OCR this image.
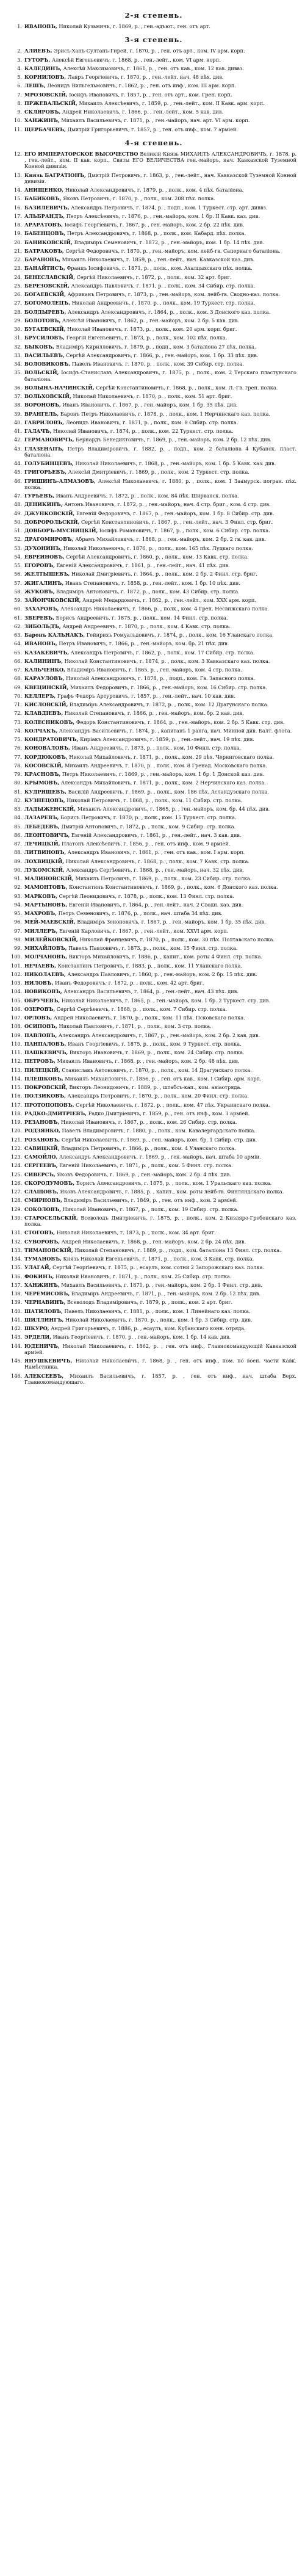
2-я степень.
1. ИВАНОВЪ, Николай Кузьмичъ, г. 1869, р. , ген.-адъют., ген. отъ арт.
3-я степень.
2. АЛИЕВЪ, Эрисъ-Ханъ-Султанъ-Гирей, г. 1870, р. , ген. отъ арт., ком. IV арм. корп.
3. ГУТОРЪ, Алексѣй Евгеньевичъ, г. 1868, р. , ген.-лейт., ком. VI арм. корп.
4. КАЛЕДИНЪ, Алексѣй Максимовичъ, г. 1861, р. , ген. отъ кав., ком. 12 кав. диввз.
5. КОРНИЛОВЪ, Лавръ Георгіевичъ, г. 1870, р. , ген.-лейт. нач. 48 пѣх. див.
6. ЛЕШЪ, Леонидъ Вильгельмовичъ, г. 1862, р. , ген. отъ инф., ком. III арм. корп.
7. МРОЗОВСКІЙ, Іосифъ Ивановичъ, г. 1857, р. , ген. отъ арт., ком. Грен. корп.
8. ПРЖЕВАЛЬСКІЙ, Михаилъ Алексѣевичъ, г. 1859, р. , ген.-лейт., ком. II Кавк. арм. корп.
9. СКЛЯРОВЪ, Андрей Николаевичъ, г. 1866, р. , ген.-лейт., ком. 5 кав. див.
10. ХАНЖИНЪ, Михаилъ Васильевичъ, г. 1871, р. , ген.-майоръ, нач. арт. VI арм. корп.
11. ЩЕРБАЧЕВЪ, Дмитрій Григорьевичъ, г. 1857, р. , ген. отъ инф., ком. 7 арміей.
4-я степень.
12. ЕГО ИМПЕРАТОРСКОЕ ВЫСОЧЕСТВО Великій Князь МИХАИЛЪ АЛЕКСАНДРОВИЧЪ, г. 1878, р. , ген.-лейт., ком. II кав. корп., Свиты ЕГО ВЕЛИЧЕСТВА ген.-майоръ, нач. Кавказской Туземной Конной дивизіи.
13. Князь БАГРАТІОНЪ, Дмитрій Петровичъ, г. 1863, р. , ген.-лейт., нач. Кавказской Туземной Конной дивизіи.
14. АНИЩЕНКО, Николай Александровичъ, г. 1879, р. , полк., ком. 4 пѣх. баталіона.
15. БАБИКОВЪ, Яковъ Петровичъ, г. 1870, р. , полк., ком. 208 пѣх. полка.
16. БАЗИЛЕВИЧЪ, Александръ Петровичъ, г. 1874, р. , подп., ком. 1 Туркест. стр. арт. диввз.
17. АЛЬБРАНДЪ, Петръ Алексѣевичъ, г. 1876, р. , ген.-майоръ, ком. 1 бр. II Кавк. каз. див.
18. АРАРАТОВЪ, Іосифъ Георгіевичъ, г. 1867, р. , ген.-майоръ, ком. 2 бр. 22 пѣх. див.
19. БАБЕНЦОВЪ, Петръ Александровичъ, г. 1868, р. , полк., ком. Кабард. пѣх. полка.
20. БАНИКОВСКІЙ, Владиміръ Семеновичъ, г. 1872, р. , ген.-майоръ, ком. 1 бр. 14 пѣх. див.
21. БАТРАКОВЪ, Сергѣй Федоровичъ, г. 1870, р. , ген.-майоръ, ком. лейб-гв. Сапернаго баталіона.
22. БАРАНОВЪ, Михаилъ Николаевичъ, г. 1859, р. , ген.-лейт., нач. Кавказской каз. див.
23. БАНАЙТИСЪ, Францъ Іосифовичъ, г. 1871, р. , полк., ком. Ахалцыхскаго пѣх. полка.
24. БЕНЕСЛАВСКІЙ, Сергѣй Николаевичъ, г. 1872, р. , полк., ком. 32 арт. бриг.
25. БЕРЕЗОВСКІЙ, Александръ Павловичъ, г. 1871, р. , полк., ком. 34 Сибир. стр. полка.
26. БОГАЕВСКІЙ, Африканъ Петровичъ, г. 1873, р. , ген.-майоръ, ком. лейб-гв. Сводно-каз. полка.
27. БОГОМОЛЕЦЪ, Николай Андреевичъ, г. 1870, р. , полк., ком. 19 Туркест. стр. полка.
28. БОЛДЫРЕВЪ, Александръ Александровичъ, г. 1864, р. , полк., ком. 3 Донского каз. полка.
29. БОЛОТОВЪ, Алексѣй Ивановичъ, г. 1862, р. , ген.-майоръ, ком. 2 бр. 5 кав. див.
30. БУГАЕВСКІЙ, Николай Ивановичъ, г. 1873, р. , полк., ком. 20 арм. корп. бриг.
31. БРУСИЛОВЪ, Георгій Евгеньевичъ, г. 1873, р. , полк., ком. 102 пѣх. полка.
32. БЫКОВЪ, Владиміръ Кирилловичъ, г. 1879, р. , подп., ком. 3 баталіона 27 пѣх. полка.
33. ВАСИЛЬЕВЪ, Сергѣй Александровичъ, г. 1866, р. , ген.-майоръ, ком. 1 бр. 33 пѣх. див.
34. ВОЛОВИКОВЪ, Павелъ Ивановичъ, г. 1870, р. , полк., ком. 39 Сибир. стр. полка.
35. ВОЛЬСКІЙ, Іосифъ-Станиславъ Александровичъ, г. 1875, р. , полк., ком. 2 Терскаго пластунскаго баталіона.
36. ВОЛЫНА-НАЧИНСКІЙ, Сергѣй Константиновичъ, г. 1868, р. , полк., ком. Л.-Гв. грен. полка.
37. ВОЛЬХОВСКІЙ, Николай Николаевичъ, г. 1870, р. , полк., ком. 51 арт. бриг.
38. ВОРОНОВЪ, Иванъ Ивановичъ, г. 1867, р. , ген.-майоръ, ком. 1 бр. 35 пѣх. див.
39. ВРАНГЕЛЬ, Баронъ Петръ Николаевичъ, г. 1878, р. , полк., ком. 1 Нерчинскаго каз. полка.
40. ГАВРИЛОВЪ, Леонидъ Ивановичъ, г. 1871, р. , полк., ком. 8 Сибир. стр. полка.
41. ГАЛАЧЪ, Николай Ивановичъ, г. 1874, р. , полк., ком. 22 Туркест. стр. полка.
42. ГЕРМАНОВИЧЪ, Бернардъ Бенедиктовичъ, г. 1869, р. , ген.-майоръ, ком. 2 бр. 12 пѣх. див.
43. ГЛАЗЕНАПЪ, Петръ Владиміровичъ, г. 1882, р. , подп., ком. 2 баталіона 4 Кубанск. пласт. баталіона.
44. ГОЛУБИНЦЕВЪ, Николай Николаевичъ, г. 1868, р. , ген.-майоръ, ком. 1 бр. 5 Кавк. каз. див.
45. ГРИГОРЬЕВЪ, Алексѣй Дмитріевичъ, г. 1869, р. , полк., ком. 2 Туркест. стр. полка.
46. ГРИШИНЪ-АЛМАЗОВЪ, Алексѣй Николаевичъ, г. 1880, р. , полк., ком. 1 Заамурск. погран. пѣх. полка.
47. ГУРЬЕВЪ, Иванъ Андреевичъ, г. 1872, р. , полк., ком. 84 пѣх. Ширванск. полка.
48. ДЕНИКИНЪ, Антонъ Ивановичъ, г. 1872, р. , ген.-майоръ, нач. 4 стр. бриг., ком. 4 стр. див.
49. ДЖУНКОВСКІЙ, Евгеній Федоровичъ, г. 1867, р. , ген.-майоръ, ком. 1 бр. 8 Сибир. стр. див.
50. ДОБРОРОЛЬСКІЙ, Сергѣй Константиновичъ, г. 1867, р. , ген.-лейт., нач. 3 Финл. стр. бриг.
51. ДОВБОРЪ-МУСНИЦКІЙ, Іосифъ Романовичъ, г. 1867, р. , полк., ком. 6 Сибир. стр. полка.
52. ДРАГОМИРОВЪ, Абрамъ Михайловичъ, г. 1868, р. , ген.-майоръ, ком. 2 бр. 2 гв. кав. див.
53. ДУХОНИНЪ, Николай Николаевичъ, г. 1876, р. , полк., ком. 165 пѣх. Луцкаго полка.
54. ЕВРЕИНОВЪ, Сергѣй Александровичъ, г. 1860, р. , полк., ком. 13 Кавк. стр. полка.
55. ЕГОРОВЪ, Евгеній Александровичъ, г. 1861, р. , ген.-лейт., нач. 41 пѣх. див.
56. ЖЕЛТЫШЕВЪ, Николай Дмитріевичъ, г. 1864, р. , полк., ком. 2 бр. 2 Финл. стр. бриг.
57. ЖИГАЛИНЪ, Иванъ Степановичъ, г. 1858, р. , ген.-лейт., ком. 1 бр. 10 пѣх. див.
58. ЖУКОВЪ, Владиміръ Антоновичъ, г. 1872, р. , полк., ком. 43 Сибир. стр. полка.
59. ЗАЙОНЧКОВСКІЙ, Андрей Медардовичъ, г. 1862, р. , ген.-лейт., ком. XXX арм. корп.
60. ЗАХАРОВЪ, Александръ Николаевичъ, г. 1866, р. , полк., ком. 4 Грен. Несвижскаго полка.
61. ЗВЕРЕВЪ, Борисъ Андреевичъ, г. 1875, р. , полк., ком. 14 Финл. стр. полка.
62. ЗИБОЛЬДЪ, Андрей Андреевичъ, г. 1870, р. , полк., ком. 4 Кавк. стр. полка.
63. Баронъ КАЛЬНАКЪ, Гейнрихъ Ромуальдовичъ, г. 1874, р. , полк., ком. 16 Уланскаго полка.
64. ИВАНОВЪ, Петръ Ивановичъ, г. 1866, р. , ген.-майоръ, ком. бр. 21 пѣх. див.
65. КАЗАКЕВИЧЪ, Александръ Петровичъ, г. 1862, р. , полк., ком. 17 Сибир. стр. полка.
66. КАЛИНИНЪ, Николай Константиновичъ, г. 1874, р. , полк., ком. 3 Кавказскаго каз. полка.
67. КАЛЬЧЕНКО, Владиміръ Ивановичъ, г. 1865, р. , ген.-майоръ, ком. 4 стр. полка.
68. КАРАУЛОВЪ, Николай Александровичъ, г. 1878, р. , подп., ком. Гв. Запасного полка.
69. КВЕЦИНСКІЙ, Михаилъ Федоровичъ, г. 1866, р. , ген.-майоръ, ком. 16 Сибир. стр. полка.
70. КЕЛЛЕРЪ, Графъ Федоръ Артуровичъ, г. 1857, р. , ген.-лейт., нач. 10 кав. див.
71. КИСЛОВСКІЙ, Владиміръ Александровичъ, г. 1872, р. , полк., ком. 12 Драгунскаго полка.
72. КЛАВДІЕВЪ, Николай Степановичъ, г. 1866, р. , ген.-майоръ, ком. бр. 2 кав. див.
73. КОЛЕСНИКОВЪ, Федоръ Константиновичъ, г. 1864, р. , ген.-майоръ, ком. 2 бр. 5 Кавк. стр. див.
74. КОЛЧАКЪ, Александръ Васильевичъ, г. 1874, р. , капитанъ 1 ранга, нач. Минной див. Балт. флота.
75. КОНДРАТОВИЧЪ, Киріакъ Александровичъ, г. 1859, р. , ген.-лейт., нач. 19 пѣх. див.
76. КОНОВАЛОВЪ, Иванъ Андреевичъ, г. 1873, р. , полк., ком. 10 Финл. стр. полка.
77. КОРДЮКОВЪ, Николай Михайловичъ, г. 1871, р. , полк., ком. 29 пѣх. Черниговскаго полка.
78. КОСОВСКІЙ, Михаилъ Андреевичъ, г. 1870, р. , полк., ком. 8 Гренад. Московскаго полка.
79. КРАСНОВЪ, Петръ Николаевичъ, г. 1869, р. , ген.-майоръ, ком. 1 бр. 1 Донской каз. див.
80. КРЫМОВЪ, Александръ Михайловичъ, г. 1871, р. , полк., ком. 2 Нерчинскаго каз. полка.
81. КУДРЯШЕВЪ, Василій Андреевичъ, г. 1869, р. , полк., ком. 186 пѣх. Асландузскаго полка.
82. КУЗНЕЦОВЪ, Николай Петровичъ, г. 1868, р. , полк., ком. 11 Сибир. стр. полка.
83. ЛАДЫЖЕНСКІЙ, Михаилъ Александровичъ, г. 1865, р. , ген.-майоръ, ком. бр. 44 пѣх. див.
84. ЛАЗАРЕВЪ, Борисъ Петровичъ, г. 1870, р. , полк., ком. 15 Туркест. стр. полка.
85. ЛЕБЕДЕВЪ, Дмитрій Антоновичъ, г. 1872, р. , полк., ком. 9 Сибир. стр. полка.
86. ЛЕОНТОВИЧЪ, Евгеній Александровичъ, г. 1861, р. , ген.-лейт., нач. 3 кав. див.
87. ЛЕЧИЦКІЙ, Платонъ Алексѣевичъ, г. 1856, р. , ген. отъ инф., ком. 9 арміей.
88. ЛИТВИНОВЪ, Александръ Ивановичъ, г. 1861, р. , ген. отъ кав., ком. I арм. корп.
89. ЛОХВИЦКІЙ, Николай Александровичъ, г. 1868, р. , полк., ком. 7 Кавк. стр. полка.
90. ЛУКОМСКІЙ, Александръ Сергѣевичъ, г. 1868, р. , ген.-майоръ, нач. 32 пѣх. див.
91. МАЛИНОВСКІЙ, Михаилъ Петровичъ, г. 1869, р. , полк., ком. 23 Сибир. стр. полка.
92. МАМОНТОВЪ, Константинъ Константиновичъ, г. 1869, р. , полк., ком. 6 Донского каз. полка.
93. МАРКОВЪ, Сергѣй Леонидовичъ, г. 1878, р. , полк., ком. 13 Финл. стр. полка.
94. МАРТЫНОВЪ, Евгеній Ивановичъ, г. 1864, р. , ген.-лейт., нач. 2 Сводн. каз. див.
95. МАХРОВЪ, Петръ Семеновичъ, г. 1876, р. , полк., нач. штаба 34 пѣх. див.
96. МЕЙ-МАЕВСКІЙ, Владиміръ Зеноновичъ, г. 1867, р. , ген.-майоръ, ком. 1 бр. 35 пѣх. див.
97. МИЛЛЕРЪ, Евгеній Карловичъ, г. 1867, р. , ген.-лейт., ком. XXVI арм. корп.
98. МИЛЕЙКОВСКІЙ, Николай Францевичъ, г. 1870, р. , полк., ком. 30 пѣх. Полтавскаго полка.
99. МИХАЙЛОВЪ, Павелъ Павловичъ, г. 1873, р. , полк., ком. 15 Финл. стр. полка.
100. МОЛЧАНОВЪ, Викторъ Михайловичъ, г. 1886, р. , капит., ком. роты 4 Финл. стр. полка.
101. НЕЧАЕВЪ, Константинъ Петровичъ, г. 1883, р. , полк., ком. 11 Уланскаго полка.
102. НИКОЛАЕВЪ, Александръ Павловичъ, г. 1860, р. , ген.-майоръ, ком. 2 бр. 15 пѣх. див.
103. НИЛОВЪ, Иванъ Федоровичъ, г. 1872, р. , полк., ком. 42 арт. бриг.
104. НОВИКОВЪ, Александръ Васильевичъ, г. 1864, р. , ген.-лейт., нач. 43 пѣх. див.
105. ОБРУЧЕВЪ, Николай Николаевичъ, г. 1865, р. , ген.-майоръ, ком. 1 бр. 2 Туркест. стр. див.
106. ОЗЕРОВЪ, Сергѣй Сергѣевичъ, г. 1868, р. , полк., ком. 7 Сибир. стр. полка.
107. ОРЛОВЪ, Андрей Николаевичъ, г. 1870, р. , полк., ком. 11 пѣх. Псковскаго полка.
108. ОСИПОВЪ, Николай Павловичъ, г. 1871, р. , полк., ком. 3 стр. полка.
109. ПАВЛОВЪ, Александръ Александровичъ, г. 1867, р. , ген.-майоръ, ком. 2 бр. 2 кав. див.
110. ПАНПАЛОВЪ, Иванъ Георгіевичъ, г. 1875, р. , полк., ком. 9 Туркест. стр. полка.
111. ПАШКЕВИЧЪ, Викторъ Ивановичъ, г. 1869, р. , полк., ком. 24 Сибир. стр. полка.
112. ПЕТРОВЪ, Михаилъ Ивановичъ, г. 1868, р. , ген.-майоръ, ком. 2 бр. 48 пѣх. див.
113. ПИЛЕЦКІЙ, Станиславъ Антоновичъ, г. 1870, р. , полк., ком. 14 Драгунскаго полка.
114. ПЛЕШКОВЪ, Михаилъ Михайловичъ, г. 1856, р. , ген. отъ кав., ком. I Сибир. арм. корп.
115. ПОКРОВСКІЙ, Викторъ Леонидовичъ, г. 1889, р. , штабсъ-кап., ком. авіаотряда.
116. ПОЛЗИКОВЪ, Александръ Петровичъ, г. 1870, р. , полк., ком. 20 Финл. стр. полка.
117. ПРОТОПОПОВЪ, Сергѣй Николаевичъ, г. 1872, р. , полк., ком. 47 пѣх. Украинскаго полка.
118. РАДКО-ДМИТРІЕВЪ, Радко Дмитріевичъ, г. 1859, р. , ген. отъ инф., ком. 3 арміей.
119. РЕЗАНОВЪ, Николай Ивановичъ, г. 1867, р. , полк., ком. 26 Сибир. стр. полка.
120. РОДЗЯНКО, Павелъ Владиміровичъ, г. 1880, р. , полк., ком. Кавалергардскаго полка.
121. РОЗАНОВЪ, Сергѣй Николаевичъ, г. 1869, р. , ген.-майоръ, ком. бр. 1 Сибир. стр. див.
122. САВИЦКІЙ, Владиміръ Петровичъ, г. 1866, р. , полк., ком. 4 Уланскаго полка.
123. САМОЙЛО, Александръ Александровичъ, г. 1869, р. , ген.-майоръ, нач. штаба 10 арміи.
124. СЕРГЕЕВЪ, Евгеній Николаевичъ, г. 1871, р. , полк., ком. 5 Финл. стр. полка.
125. СИВЕРСЪ, Яковъ Федоровичъ, г. 1869, р. , ген.-майоръ, ком. 2 бр. 4 пѣх. див.
126. СКОРОДУМОВЪ, Борисъ Александровичъ, г. 1875, р. , полк., ком. 1 Уральскаго каз. полка.
127. СЛАЩОВЪ, Яковъ Александровичъ, г. 1885, р. , капит., ком. роты лейб-гв. Финляндскаго полка.
128. СМИРНОВЪ, Владиміръ Васильевичъ, г. 1849, р. , ген. отъ инф., ком. 2 арміей.
129. СОКОЛОВЪ, Николай Ивановичъ, г. 1867, р. , полк., ком. 19 Сибир. стр. полка.
130. СТАРОСЕЛЬСКІЙ, Всеволодъ Дмитріевичъ, г. 1875, р. , полк., ком. 2 Кизляро-Гребенскаго каз. полка.
131. СТОГОВЪ, Николай Николаевичъ, г. 1873, р. , полк., ком. 34 арт. бриг.
132. СУВОРОВЪ, Андрей Николаевичъ, г. 1868, р. , ген.-майоръ, ком. 2 бр. 24 пѣх. див.
133. ТИМАНОВСКІЙ, Николай Степановичъ, г. 1889, р. , подп., ком. баталіона 13 Финл. стр. полка.
134. ТУМАНОВЪ, Князь Николай Евгеньевичъ, г. 1871, р. , полк., ком. 3 Кавк. стр. полка.
135. УЛАГАЙ, Сергѣй Георгіевичъ, г. 1875, р. , есаулъ, ком. сотни 2 Запорожскаго каз. полка.
136. ФОКИНЪ, Николай Ивановичъ, г. 1871, р. , полк., ком. 25 Сибир. стр. полка.
137. ХАНЖИНЪ, Михаилъ Васильевичъ, г. 1871, р. , ген.-майоръ, ком. 2 бр. 1 Финл. стр. див.
138. ЧЕРЕМИСОВЪ, Владиміръ Андреевичъ, г. 1871, р. , ген.-майоръ, ком. 2 бр. 12 пѣх. див.
139. ЧЕРНАВИНЪ, Всеволодъ Владиміровичъ, г. 1879, р. , полк., ком. 2 арт. бриг.
140. ШАТИЛОВЪ, Павелъ Николаевичъ, г. 1881, р. , полк., ком. 1 Линейнаго каз. полка.
141. ШИЛЛИНГЪ, Николай Николаевичъ, г. 1870, р. , полк., ком. 1 бр. 3 Сибир. стр. див.
142. ШКУРО, Андрей Григорьевичъ, г. 1886, р. , есаулъ, ком. Кубанскаго конн. отряда.
143. ЭРДЕЛИ, Иванъ Георгіевичъ, г. 1870, р. , ген.-майоръ, ком. 1 бр. 14 кав. див.
144. ЮДЕНИЧЪ, Николай Николаевичъ, г. 1862, р. , ген. отъ инф., Главнокомандующій Кавказской арміей.
145. ЯНУШКЕВИЧЪ, Николай Николаевичъ, г. 1868, р. , ген. отъ инф., пом. по воен. части Кавк. Намѣстника.
146. АЛЕКСЕЕВЪ, Михаилъ Васильевичъ, г. 1857, р. , ген. отъ инф., нач. штаба Верх. Главнокомандующаго.
